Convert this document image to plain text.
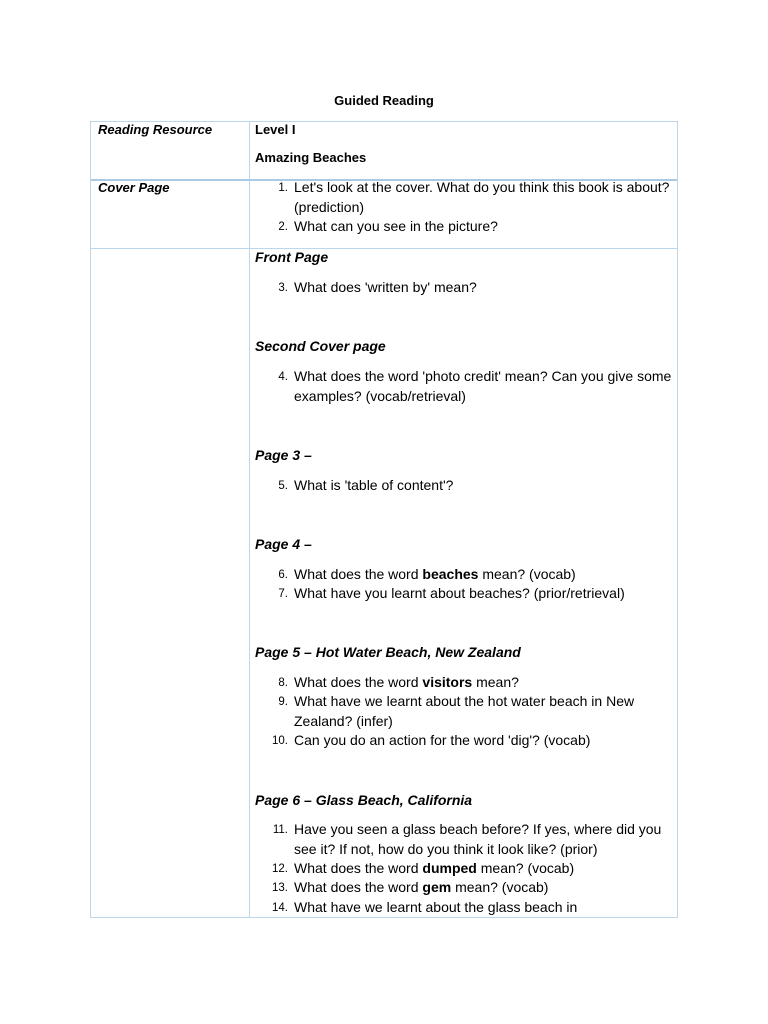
Guided Reading
Reading Resource	Level I
Amazing Beaches
Cover Page	1. Let's look at the cover. What do you think this book is about? (prediction)
2. What can you see in the picture?
Front Page
3. What does 'written by' mean?
Second Cover page
4. What does the word 'photo credit' mean? Can you give some examples? (vocab/retrieval)
Page 3 –
5. What is 'table of content'?
Page 4 –
6. What does the word beaches mean? (vocab)
7. What have you learnt about beaches? (prior/retrieval)
Page 5 – Hot Water Beach, New Zealand
8. What does the word visitors mean?
9. What have we learnt about the hot water beach in New Zealand? (infer)
10. Can you do an action for the word 'dig'? (vocab)
Page 6 – Glass Beach, California
11. Have you seen a glass beach before? If yes, where did you see it? If not, how do you think it look like? (prior)
12. What does the word dumped mean? (vocab)
13. What does the word gem mean? (vocab)
14. What have we learnt about the glass beach in
